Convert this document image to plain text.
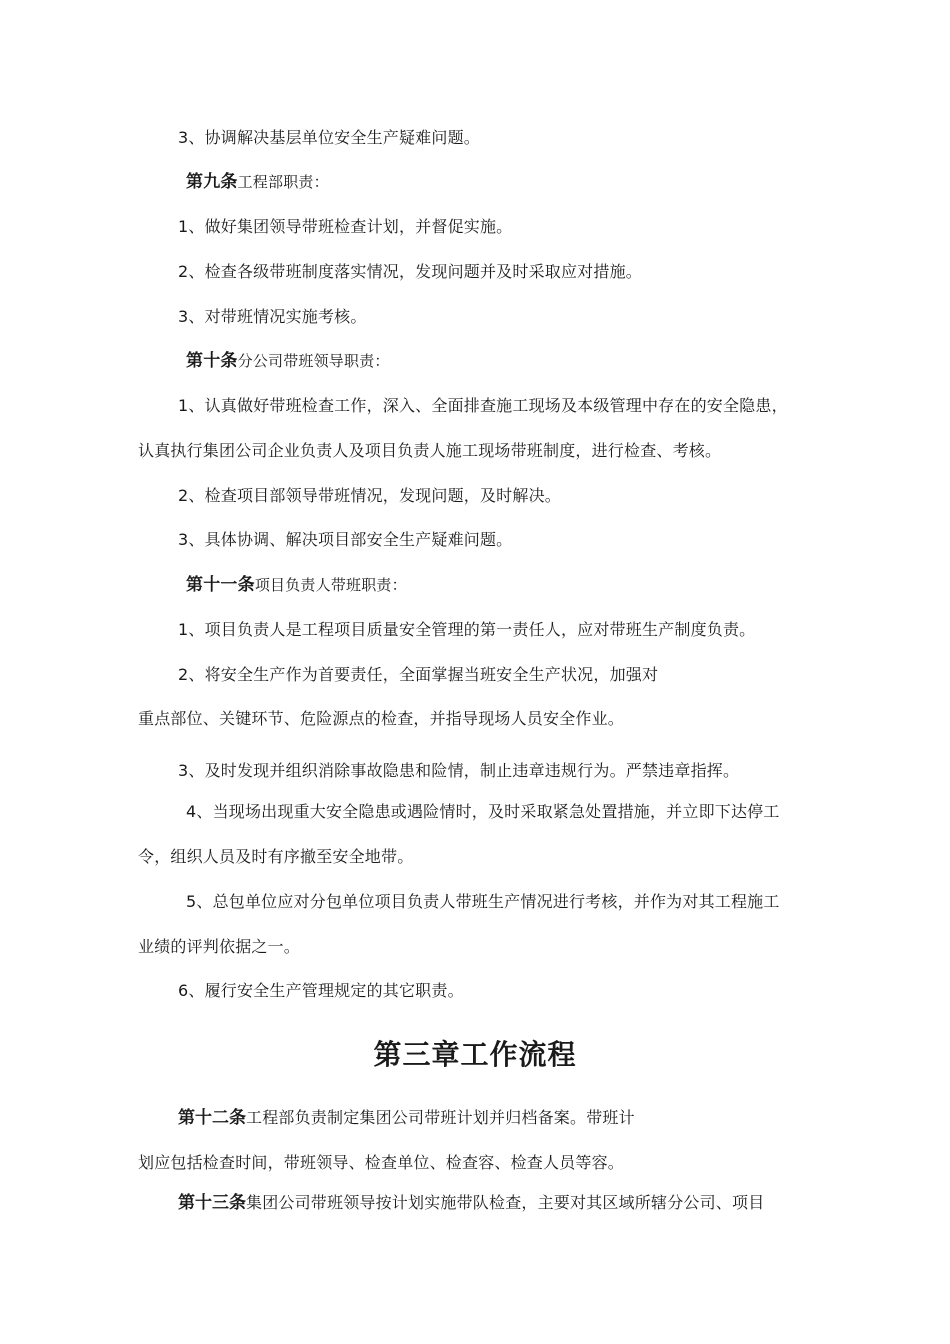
3、协调解决基层单位安全生产疑难问题。
第九条工程部职责：
1、做好集团领导带班检查计划，并督促实施。
2、检查各级带班制度落实情况，发现问题并及时采取应对措施。
3、对带班情况实施考核。
第十条分公司带班领导职责：
1、认真做好带班检查工作，深入、全面排查施工现场及本级管理中存在的安全隐患，
认真执行集团公司企业负责人及项目负责人施工现场带班制度，进行检查、考核。
2、检查项目部领导带班情况，发现问题，及时解决。
3、具体协调、解决项目部安全生产疑难问题。
第十一条项目负责人带班职责：
1、项目负责人是工程项目质量安全管理的第一责任人，应对带班生产制度负责。
2、将安全生产作为首要责任，全面掌握当班安全生产状况，加强对
重点部位、关键环节、危险源点的检查，并指导现场人员安全作业。
3、及时发现并组织消除事故隐患和险情，制止违章违规行为。严禁违章指挥。
4、当现场出现重大安全隐患或遇险情时，及时采取紧急处置措施，并立即下达停工
令，组织人员及时有序撤至安全地带。
5、总包单位应对分包单位项目负责人带班生产情况进行考核，并作为对其工程施工
业绩的评判依据之一。
6、履行安全生产管理规定的其它职责。
第三章工作流程
第十二条工程部负责制定集团公司带班计划并归档备案。带班计
划应包括检查时间，带班领导、检查单位、检查容、检查人员等容。
第十三条集团公司带班领导按计划实施带队检查，主要对其区域所辖分公司、项目
